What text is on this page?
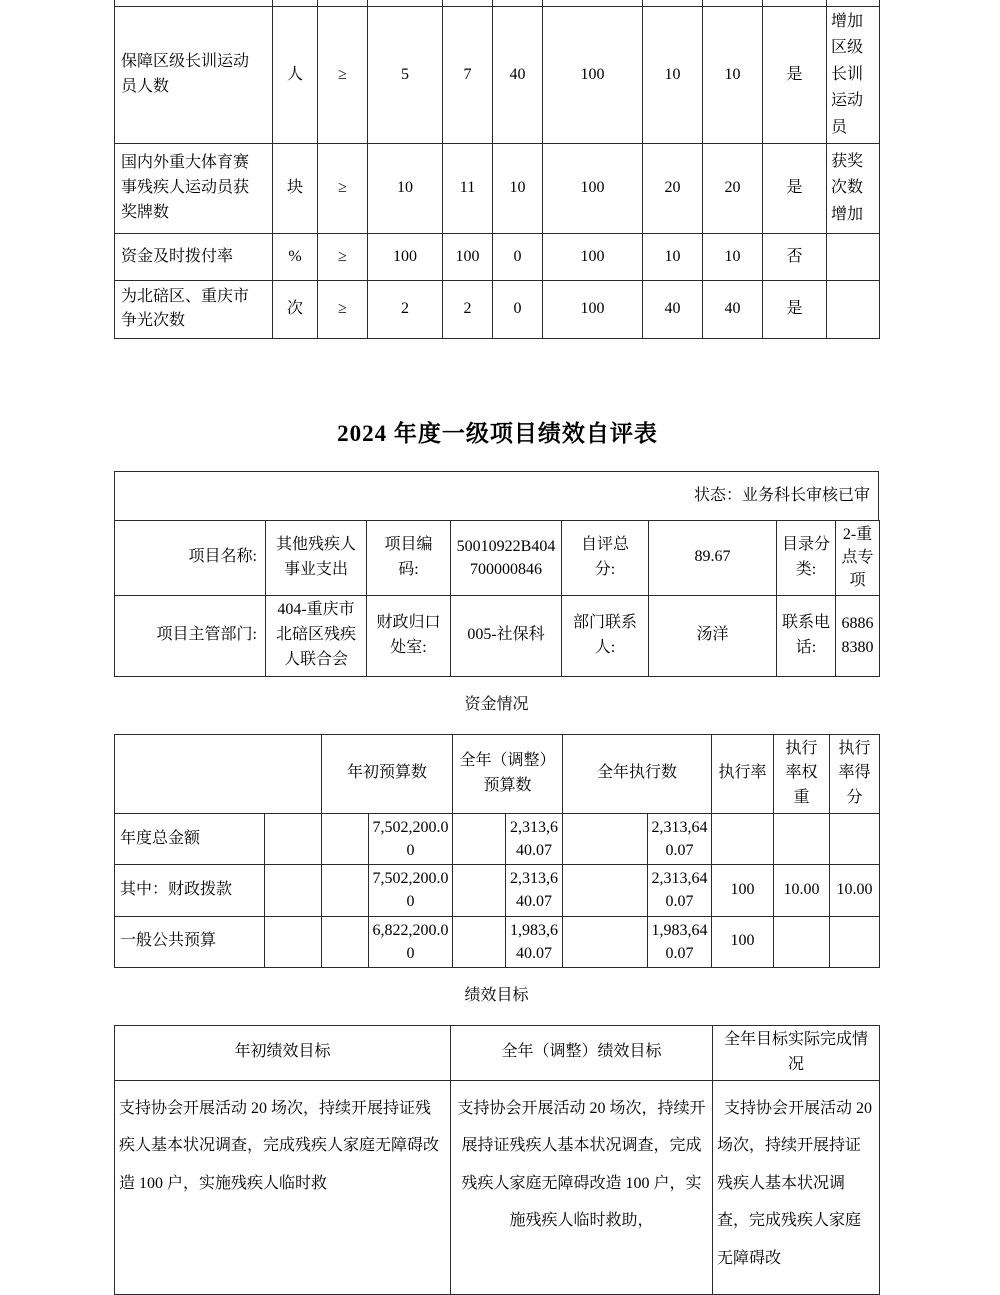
保障区级长训运动员人数	人	≥	5	7	40	100	10	10	是	增加区级长训运动员
国内外重大体育赛事残疾人运动员获奖牌数	块	≥	10	11	10	100	20	20	是	获奖次数增加
资金及时拨付率	%	≥	100	100	0	100	10	10	否	
为北碚区、重庆市争光次数	次	≥	2	2	0	100	40	40	是	
2024 年度一级项目绩效自评表
状态：业务科长审核已审
项目名称:	其他残疾人事业支出	项目编码:	50010922B404700000846	自评总分:	89.67	目录分类:	2-重点专项
项目主管部门:	404-重庆市北碚区残疾人联合会	财政归口处室:	005-社保科	部门联系人:	汤洋	联系电话:	68868380
资金情况
		年初预算数		全年（调整）预算数		全年执行数		执行率	执行率权重	执行率得分
年度总金额			7,502,200.00		2,313,640.07		2,313,640.07			
其中：财政拨款			7,502,200.00		2,313,640.07		2,313,640.07	100	10.00	10.00
一般公共预算			6,822,200.00		1,983,640.07		1,983,640.07	100		
绩效目标
年初绩效目标	全年（调整）绩效目标	全年目标实际完成情况
支持协会开展活动 20 场次，持续开展持证残疾人基本状况调查，完成残疾人家庭无障碍改造 100 户，实施残疾人临时救	支持协会开展活动 20 场次，持续开展持证残疾人基本状况调查，完成残疾人家庭无障碍改造 100 户，实施残疾人临时救助，	支持协会开展活动 20 场次，持续开展持证残疾人基本状况调查，完成残疾人家庭无障碍改
